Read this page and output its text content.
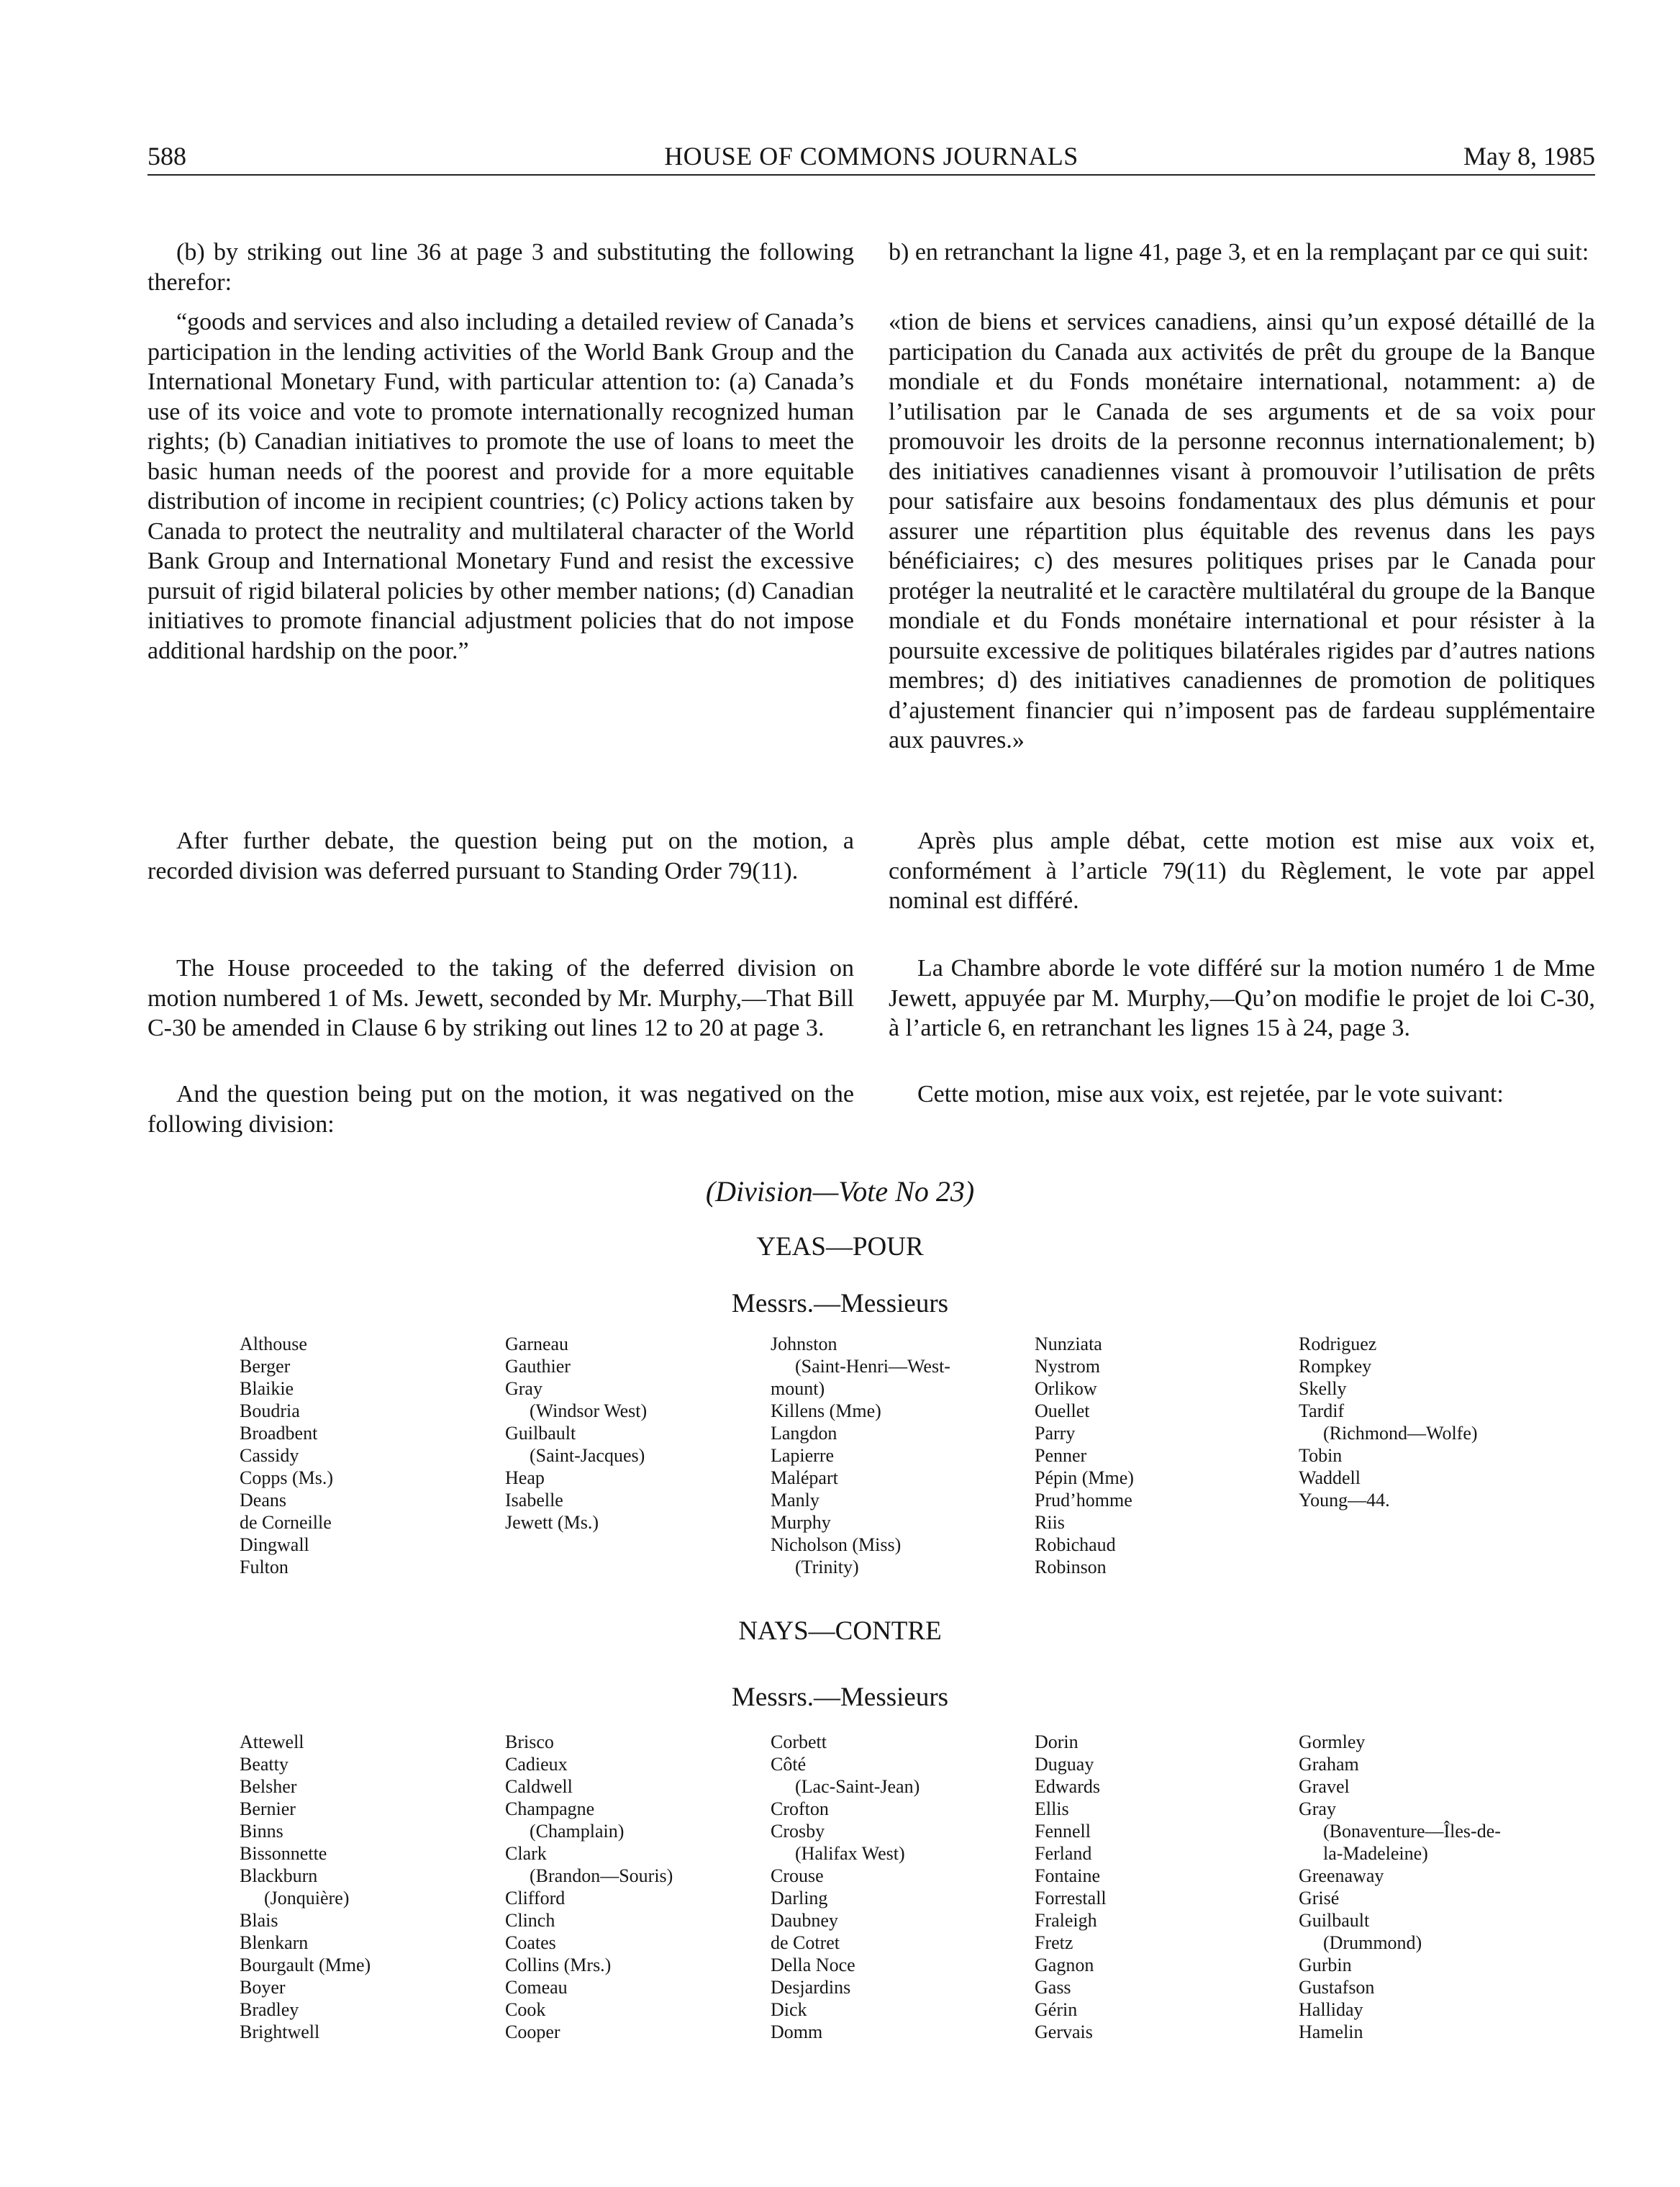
588	HOUSE OF COMMONS JOURNALS	May 8, 1985

(b) by striking out line 36 at page 3 and substituting the following therefor:

“goods and services and also including a detailed review of Canada’s participation in the lending activities of the World Bank Group and the International Monetary Fund, with particular attention to: (a) Canada’s use of its voice and vote to promote internationally recognized human rights; (b) Canadian initiatives to promote the use of loans to meet the basic human needs of the poorest and provide for a more equitable distribution of income in recipient countries; (c) Policy actions taken by Canada to protect the neutrality and multilateral character of the World Bank Group and International Monetary Fund and resist the excessive pursuit of rigid bilateral policies by other member nations; (d) Canadian initiatives to promote financial adjustment policies that do not impose additional hardship on the poor.”

After further debate, the question being put on the motion, a recorded division was deferred pursuant to Standing Order 79(11).

The House proceeded to the taking of the deferred division on motion numbered 1 of Ms. Jewett, seconded by Mr. Murphy,—That Bill C-30 be amended in Clause 6 by striking out lines 12 to 20 at page 3.

And the question being put on the motion, it was negatived on the following division:

b) en retranchant la ligne 41, page 3, et en la remplaçant par ce qui suit:

«tion de biens et services canadiens, ainsi qu’un exposé détaillé de la participation du Canada aux activités de prêt du groupe de la Banque mondiale et du Fonds monétaire international, notamment: a) de l’utilisation par le Canada de ses arguments et de sa voix pour promouvoir les droits de la personne reconnus internationalement; b) des initiatives canadiennes visant à promouvoir l’utilisation de prêts pour satisfaire aux besoins fondamentaux des plus démunis et pour assurer une répartition plus équitable des revenus dans les pays bénéficiaires; c) des mesures politiques prises par le Canada pour protéger la neutralité et le caractère multilatéral du groupe de la Banque mondiale et du Fonds monétaire international et pour résister à la poursuite excessive de politiques bilatérales rigides par d’autres nations membres; d) des initiatives canadiennes de promotion de politiques d’ajustement financier qui n’imposent pas de fardeau supplémentaire aux pauvres.»

Après plus ample débat, cette motion est mise aux voix et, conformément à l’article 79(11) du Règlement, le vote par appel nominal est différé.

La Chambre aborde le vote différé sur la motion numéro 1 de Mme Jewett, appuyée par M. Murphy,—Qu’on modifie le projet de loi C-30, à l’article 6, en retranchant les lignes 15 à 24, page 3.

Cette motion, mise aux voix, est rejetée, par le vote suivant:

(Division—Vote No 23)
YEAS—POUR
Messrs.—Messieurs
Althouse
Berger
Blaikie
Boudria
Broadbent
Cassidy
Copps (Ms.)
Deans
de Corneille
Dingwall
Fulton
Garneau
Gauthier
Gray
(Windsor West)
Guilbault
(Saint-Jacques)
Heap
Isabelle
Jewett (Ms.)
Johnston
(Saint-Henri—West-
mount)
Killens (Mme)
Langdon
Lapierre
Malépart
Manly
Murphy
Nicholson (Miss)
(Trinity)
Nunziata
Nystrom
Orlikow
Ouellet
Parry
Penner
Pépin (Mme)
Prud’homme
Riis
Robichaud
Robinson
Rodriguez
Rompkey
Skelly
Tardif
(Richmond—Wolfe)
Tobin
Waddell
Young—44.
NAYS—CONTRE
Messrs.—Messieurs
Attewell
Beatty
Belsher
Bernier
Binns
Bissonnette
Blackburn
(Jonquière)
Blais
Blenkarn
Bourgault (Mme)
Boyer
Bradley
Brightwell
Brisco
Cadieux
Caldwell
Champagne
(Champlain)
Clark
(Brandon—Souris)
Clifford
Clinch
Coates
Collins (Mrs.)
Comeau
Cook
Cooper
Corbett
Côté
(Lac-Saint-Jean)
Crofton
Crosby
(Halifax West)
Crouse
Darling
Daubney
de Cotret
Della Noce
Desjardins
Dick
Domm
Dorin
Duguay
Edwards
Ellis
Fennell
Ferland
Fontaine
Forrestall
Fraleigh
Fretz
Gagnon
Gass
Gérin
Gervais
Gormley
Graham
Gravel
Gray
(Bonaventure—Îles-de-
la-Madeleine)
Greenaway
Grisé
Guilbault
(Drummond)
Gurbin
Gustafson
Halliday
Hamelin
